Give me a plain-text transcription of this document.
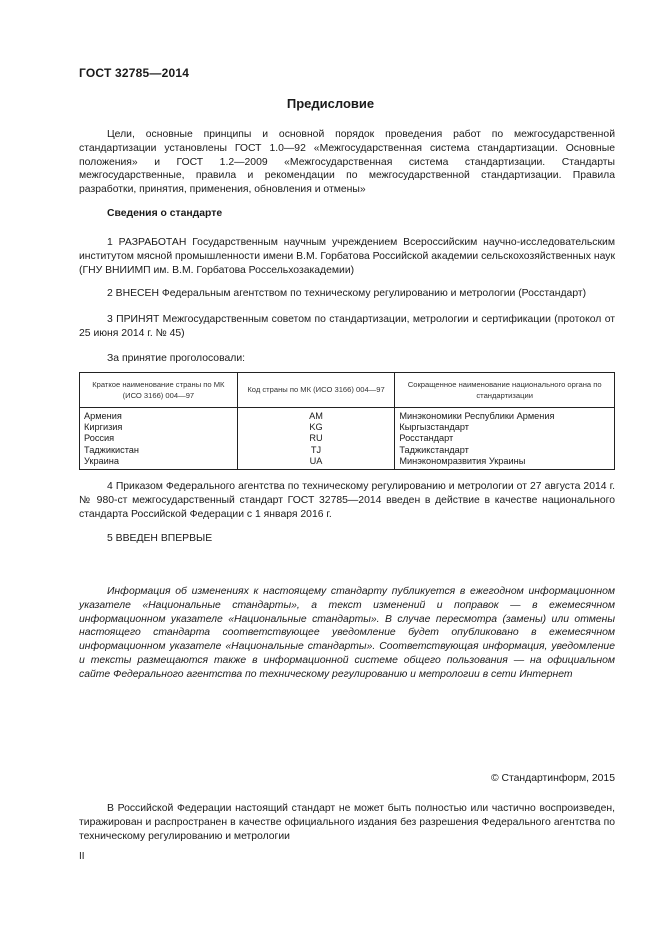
ГОСТ 32785—2014
Предисловие

Цели, основные принципы и основной порядок проведения работ по межгосударственной стандартизации установлены ГОСТ 1.0—92 «Межгосударственная система стандартизации. Основные положения» и ГОСТ 1.2—2009 «Межгосударственная система стандартизации. Стандарты межгосударственные, правила и рекомендации по межгосударственной стандартизации. Правила разработки, принятия, применения, обновления и отмены»

Сведения о стандарте

1 РАЗРАБОТАН Государственным научным учреждением Всероссийским научно-исследовательским институтом мясной промышленности имени В.М. Горбатова Российской академии сельскохозяйственных наук (ГНУ ВНИИМП им. В.М. Горбатова Россельхозакадемии)

2 ВНЕСЕН Федеральным агентством по техническому регулированию и метрологии (Росстандарт)

3 ПРИНЯТ Межгосударственным советом по стандартизации, метрологии и сертификации (протокол от 25 июня 2014 г. № 45)

За принятие проголосовали:
Краткое наименование страны по МК (ИСО 3166) 004—97	Код страны по МК (ИСО 3166) 004—97	Сокращенное наименование национального органа по стандартизации
Армения	AM	Минэкономики Республики Армения
Киргизия	KG	Кыргызстандарт
Россия	RU	Росстандарт
Таджикистан	TJ	Таджикстандарт
Украина	UA	Минэкономразвития Украины

4 Приказом Федерального агентства по техническому регулированию и метрологии от 27 августа 2014 г. № 980-ст межгосударственный стандарт ГОСТ 32785—2014 введен в действие в качестве национального стандарта Российской Федерации с 1 января 2016 г.

5 ВВЕДЕН ВПЕРВЫЕ

Информация об изменениях к настоящему стандарту публикуется в ежегодном информационном указателе «Национальные стандарты», а текст изменений и поправок — в ежемесячном информационном указателе «Национальные стандарты». В случае пересмотра (замены) или отмены настоящего стандарта соответствующее уведомление будет опубликовано в ежемесячном информационном указателе «Национальные стандарты». Соответствующая информация, уведомление и тексты размещаются также в информационной системе общего пользования — на официальном сайте Федерального агентства по техническому регулированию и метрологии в сети Интернет

© Стандартинформ, 2015

В Российской Федерации настоящий стандарт не может быть полностью или частично воспроизведен, тиражирован и распространен в качестве официального издания без разрешения Федерального агентства по техническому регулированию и метрологии

II
